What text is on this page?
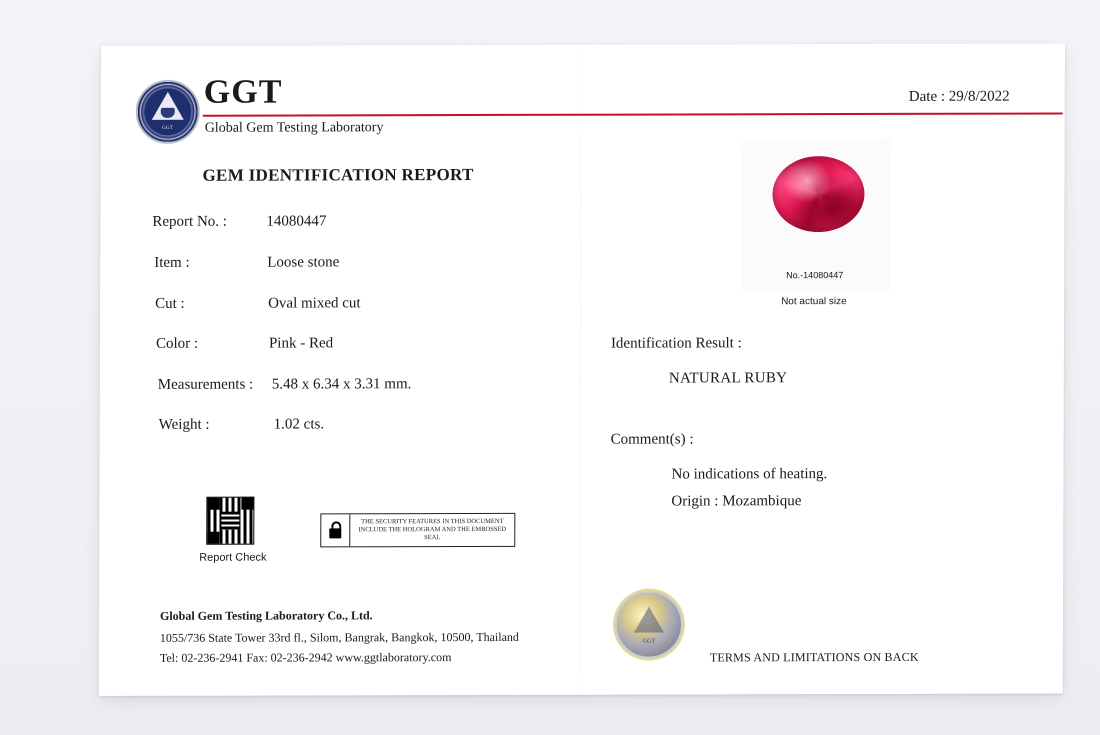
GGT
GGT
Global Gem Testing Laboratory
Date : 29/8/2022
GEM IDENTIFICATION REPORT
Report No. :	14080447
Item :	Loose stone
Cut :	Oval mixed cut
Color :	Pink - Red
Measurements : 5.48 x 6.34 x 3.31 mm.
Weight :	1.02 cts.
Report Check
THE SECURITY FEATURES IN THIS DOCUMENT INCLUDE THE HOLOGRAM AND THE EMBOSSED SEAL
Global Gem Testing Laboratory Co., Ltd.
1055/736 State Tower 33rd fl., Silom, Bangrak, Bangkok, 10500, Thailand
Tel: 02-236-2941 Fax: 02-236-2942 www.ggtlaboratory.com
No.-14080447
Not actual size
Identification Result :
NATURAL RUBY
Comment(s) :
No indications of heating.
Origin : Mozambique
GGT
TERMS AND LIMITATIONS ON BACK
